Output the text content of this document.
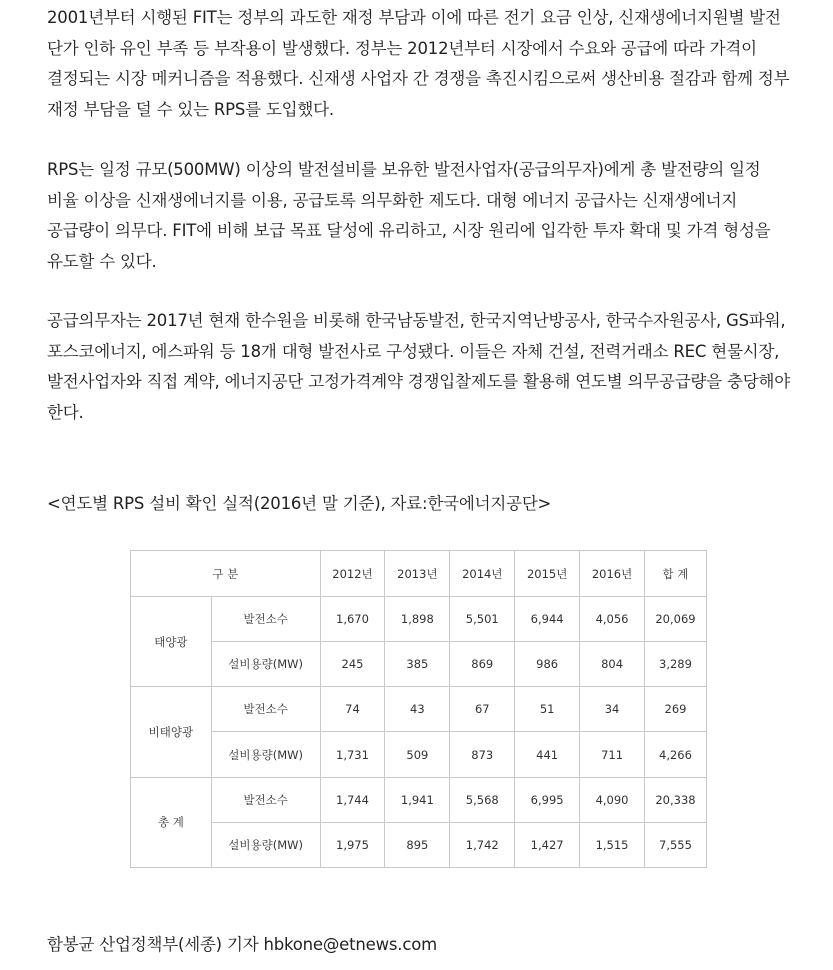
2001년부터 시행된 FIT는 정부의 과도한 재정 부담과 이에 따른 전기 요금 인상, 신재생에너지원별 발전 단가 인하 유인 부족 등 부작용이 발생했다. 정부는 2012년부터 시장에서 수요와 공급에 따라 가격이 결정되는 시장 메커니즘을 적용했다. 신재생 사업자 간 경쟁을 촉진시킴으로써 생산비용 절감과 함께 정부 재정 부담을 덜 수 있는 RPS를 도입했다.

RPS는 일정 규모(500MW) 이상의 발전설비를 보유한 발전사업자(공급의무자)에게 총 발전량의 일정 비율 이상을 신재생에너지를 이용, 공급토록 의무화한 제도다. 대형 에너지 공급사는 신재생에너지 공급량이 의무다. FIT에 비해 보급 목표 달성에 유리하고, 시장 원리에 입각한 투자 확대 및 가격 형성을 유도할 수 있다.

공급의무자는 2017년 현재 한수원을 비롯해 한국남동발전, 한국지역난방공사, 한국수자원공사, GS파워, 포스코에너지, 에스파워 등 18개 대형 발전사로 구성됐다. 이들은 자체 건설, 전력거래소 REC 현물시장, 발전사업자와 직접 계약, 에너지공단 고정가격계약 경쟁입찰제도를 활용해 연도별 의무공급량을 충당해야 한다.

<연도별 RPS 설비 확인 실적(2016년 말 기준), 자료:한국에너지공단>

구 분		2012년	2013년	2014년	2015년	2016년	합 계
태양광	발전소수	1,670	1,898	5,501	6,944	4,056	20,069
	설비용량(MW)	245	385	869	986	804	3,289
비태양광	발전소수	74	43	67	51	34	269
	설비용량(MW)	1,731	509	873	441	711	4,266
총 계	발전소수	1,744	1,941	5,568	6,995	4,090	20,338
	설비용량(MW)	1,975	895	1,742	1,427	1,515	7,555

함봉균 산업정책부(세종) 기자 hbkone@etnews.com
